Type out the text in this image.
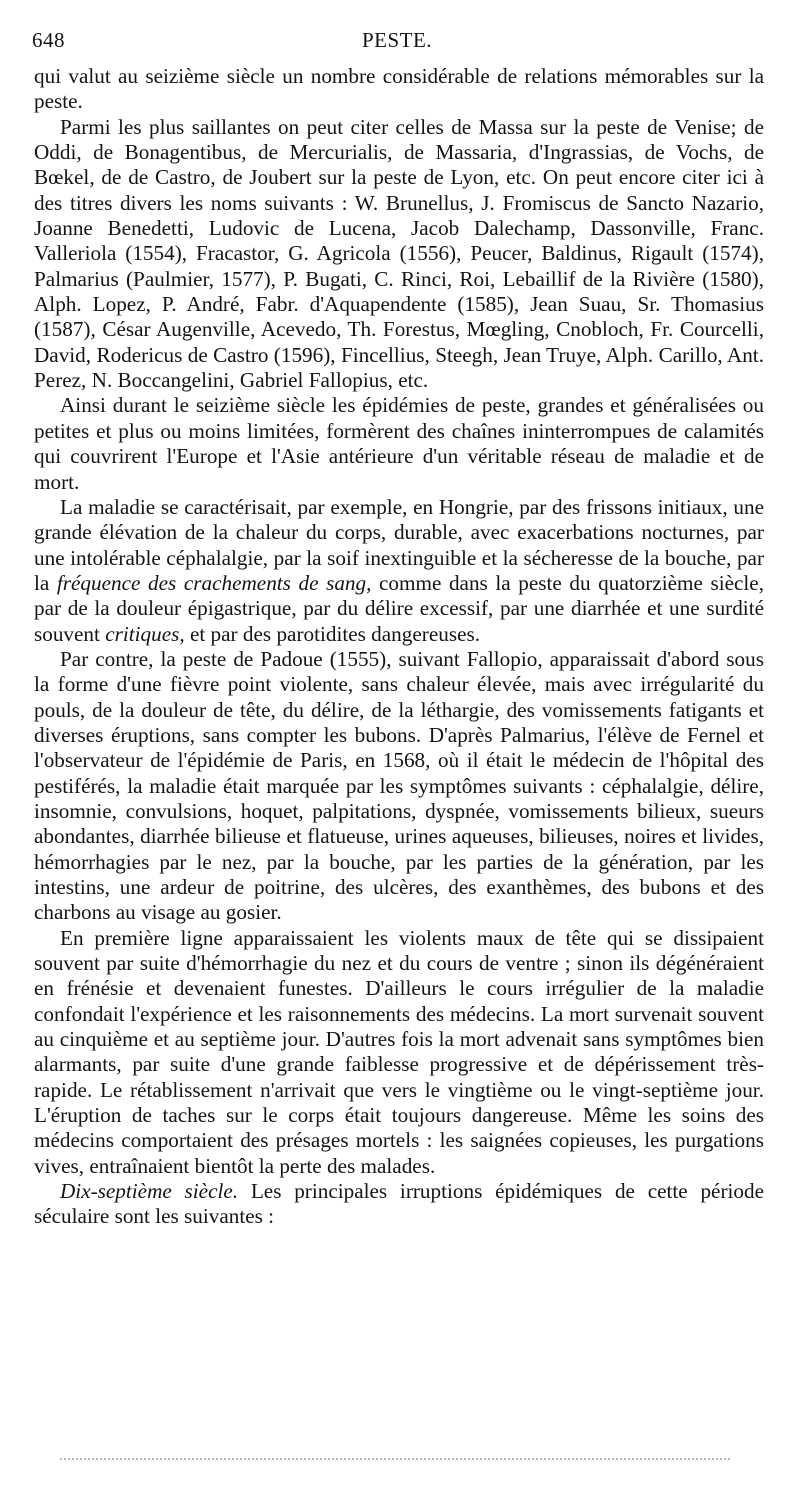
648	PESTE.

qui valut au seizième siècle un nombre considérable de relations mémorables sur la peste.

Parmi les plus saillantes on peut citer celles de Massa sur la peste de Venise; de Oddi, de Bonagentibus, de Mercurialis, de Massaria, d'Ingrassias, de Vochs, de Bœkel, de de Castro, de Joubert sur la peste de Lyon, etc. On peut encore citer ici à des titres divers les noms suivants : W. Brunellus, J. Fromiscus de Sancto Nazario, Joanne Benedetti, Ludovic de Lucena, Jacob Dalechamp, Dassonville, Franc. Valleriola (1554), Fracastor, G. Agricola (1556), Peucer, Baldinus, Rigault (1574), Palmarius (Paulmier, 1577), P. Bugati, C. Rinci, Roi, Lebaillif de la Rivière (1580), Alph. Lopez, P. André, Fabr. d'Aquapendente (1585), Jean Suau, Sr. Thomasius (1587), César Augenville, Acevedo, Th. Forestus, Mœgling, Cnobloch, Fr. Courcelli, David, Rodericus de Castro (1596), Fincellius, Steegh, Jean Truye, Alph. Carillo, Ant. Perez, N. Boccangelini, Gabriel Fallopius, etc.

Ainsi durant le seizième siècle les épidémies de peste, grandes et généralisées ou petites et plus ou moins limitées, formèrent des chaînes ininterrompues de calamités qui couvrirent l'Europe et l'Asie antérieure d'un véritable réseau de maladie et de mort.

La maladie se caractérisait, par exemple, en Hongrie, par des frissons initiaux, une grande élévation de la chaleur du corps, durable, avec exacerbations nocturnes, par une intolérable céphalalgie, par la soif inextinguible et la sécheresse de la bouche, par la fréquence des crachements de sang, comme dans la peste du quatorzième siècle, par de la douleur épigastrique, par du délire excessif, par une diarrhée et une surdité souvent critiques, et par des parotidites dangereuses.

Par contre, la peste de Padoue (1555), suivant Fallopio, apparaissait d'abord sous la forme d'une fièvre point violente, sans chaleur élevée, mais avec irrégularité du pouls, de la douleur de tête, du délire, de la léthargie, des vomissements fatigants et diverses éruptions, sans compter les bubons. D'après Palmarius, l'élève de Fernel et l'observateur de l'épidémie de Paris, en 1568, où il était le médecin de l'hôpital des pestiférés, la maladie était marquée par les symptômes suivants : céphalalgie, délire, insomnie, convulsions, hoquet, palpitations, dyspnée, vomissements bilieux, sueurs abondantes, diarrhée bilieuse et flatueuse, urines aqueuses, bilieuses, noires et livides, hémorrhagies par le nez, par la bouche, par les parties de la génération, par les intestins, une ardeur de poitrine, des ulcères, des exanthèmes, des bubons et des charbons au visage au gosier.

En première ligne apparaissaient les violents maux de tête qui se dissipaient souvent par suite d'hémorrhagie du nez et du cours de ventre ; sinon ils dégénéraient en frénésie et devenaient funestes. D'ailleurs le cours irrégulier de la maladie confondait l'expérience et les raisonnements des médecins. La mort survenait souvent au cinquième et au septième jour. D'autres fois la mort advenait sans symptômes bien alarmants, par suite d'une grande faiblesse progressive et de dépérissement très-rapide. Le rétablissement n'arrivait que vers le vingtième ou le vingt-septième jour. L'éruption de taches sur le corps était toujours dangereuse. Même les soins des médecins comportaient des présages mortels : les saignées copieuses, les purgations vives, entraînaient bientôt la perte des malades.

Dix-septième siècle. Les principales irruptions épidémiques de cette période séculaire sont les suivantes :
